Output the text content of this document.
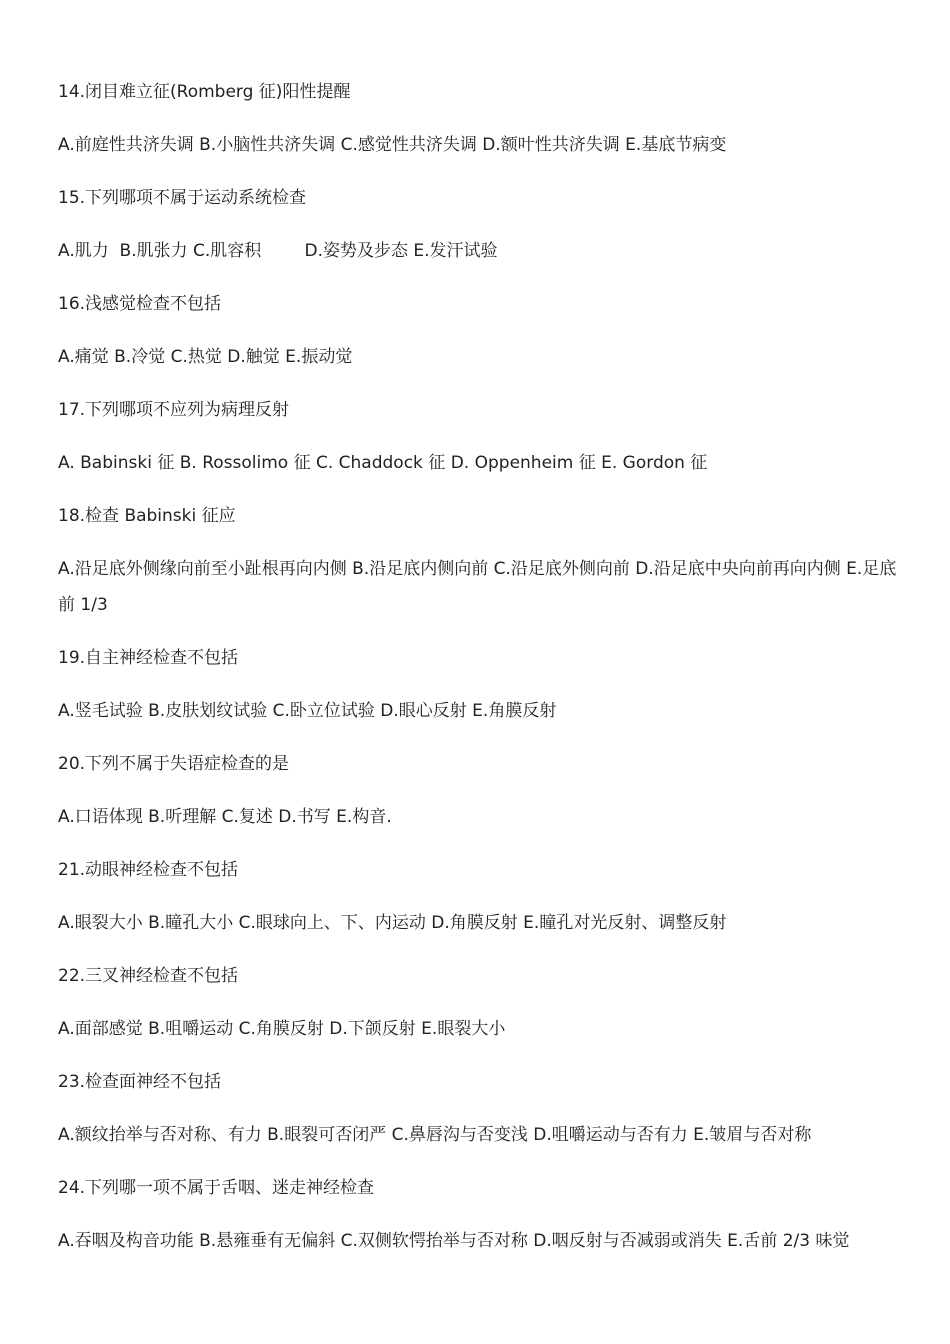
14.闭目难立征(Romberg 征)阳性提醒

A.前庭性共济失调 B.小脑性共济失调 C.感觉性共济失调 D.额叶性共济失调 E.基底节病变

15.下列哪项不属于运动系统检查

A.肌力  B.肌张力 C.肌容积        D.姿势及步态 E.发汗试验

16.浅感觉检查不包括

A.痛觉 B.冷觉 C.热觉 D.触觉 E.振动觉

17.下列哪项不应列为病理反射

A. Babinski 征 B. Rossolimo 征 C. Chaddock 征 D. Oppenheim 征 E. Gordon 征

18.检查 Babinski 征应

A.沿足底外侧缘向前至小趾根再向内侧 B.沿足底内侧向前 C.沿足底外侧向前 D.沿足底中央向前再向内侧 E.足底前 1/3

19.自主神经检查不包括

A.竖毛试验 B.皮肤划纹试验 C.卧立位试验 D.眼心反射 E.角膜反射

20.下列不属于失语症检查的是

A.口语体现 B.听理解 C.复述 D.书写 E.构音.

21.动眼神经检查不包括

A.眼裂大小 B.瞳孔大小 C.眼球向上、下、内运动 D.角膜反射 E.瞳孔对光反射、调整反射

22.三叉神经检查不包括

A.面部感觉 B.咀嚼运动 C.角膜反射 D.下颌反射 E.眼裂大小

23.检查面神经不包括

A.额纹抬举与否对称、有力 B.眼裂可否闭严 C.鼻唇沟与否变浅 D.咀嚼运动与否有力 E.皱眉与否对称

24.下列哪一项不属于舌咽、迷走神经检查

A.吞咽及构音功能 B.悬雍垂有无偏斜 C.双侧软愕抬举与否对称 D.咽反射与否减弱或消失 E.舌前 2/3 味觉
